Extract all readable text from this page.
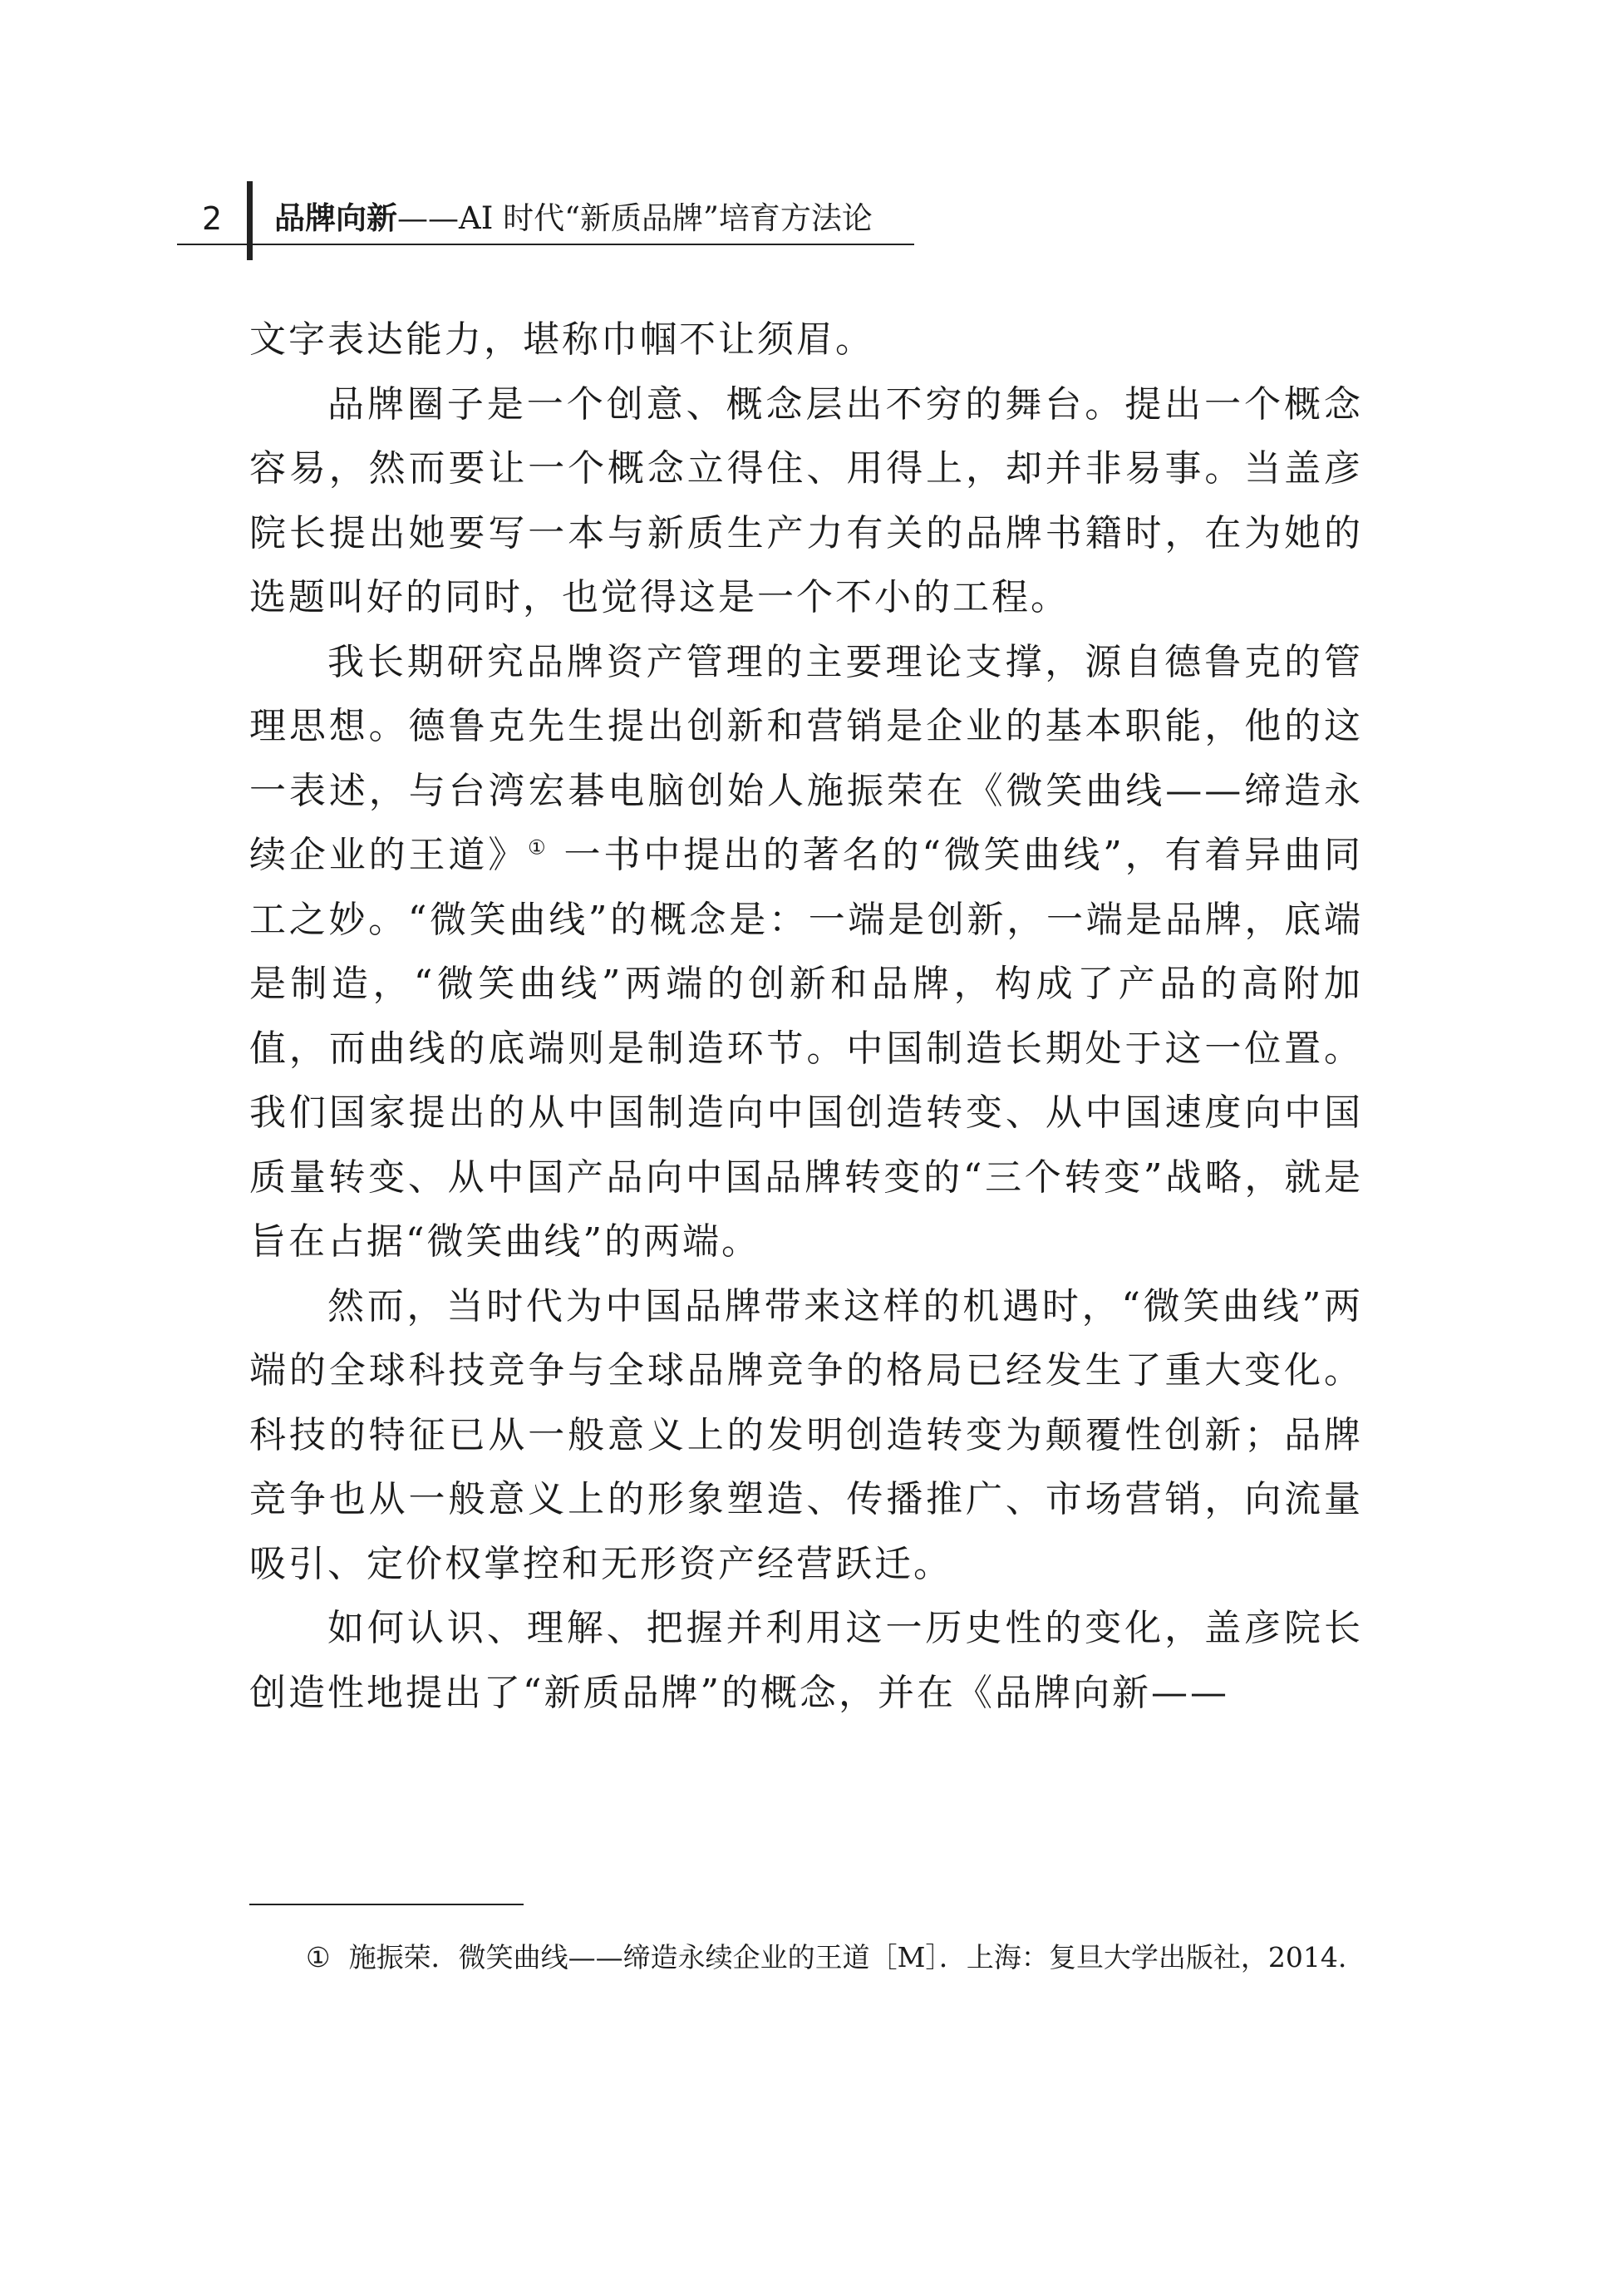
2 品牌向新——AI 时代“新质品牌”培育方法论

文字表达能力，堪称巾帼不让须眉。

品牌圈子是一个创意、概念层出不穷的舞台。提出一个概念容易，然而要让一个概念立得住、用得上，却并非易事。当盖彦院长提出她要写一本与新质生产力有关的品牌书籍时，在为她的选题叫好的同时，也觉得这是一个不小的工程。

我长期研究品牌资产管理的主要理论支撑，源自德鲁克的管理思想。德鲁克先生提出创新和营销是企业的基本职能，他的这一表述，与台湾宏碁电脑创始人施振荣在《微笑曲线——缔造永续企业的王道》① 一书中提出的著名的“微笑曲线”，有着异曲同工之妙。“微笑曲线”的概念是：一端是创新，一端是品牌，底端是制造，“微笑曲线”两端的创新和品牌，构成了产品的高附加值，而曲线的底端则是制造环节。中国制造长期处于这一位置。我们国家提出的从中国制造向中国创造转变、从中国速度向中国质量转变、从中国产品向中国品牌转变的“三个转变”战略，就是旨在占据“微笑曲线”的两端。

然而，当时代为中国品牌带来这样的机遇时，“微笑曲线”两端的全球科技竞争与全球品牌竞争的格局已经发生了重大变化。科技的特征已从一般意义上的发明创造转变为颠覆性创新；品牌竞争也从一般意义上的形象塑造、传播推广、市场营销，向流量吸引、定价权掌控和无形资产经营跃迁。

如何认识、理解、把握并利用这一历史性的变化，盖彦院长创造性地提出了“新质品牌”的概念，并在《品牌向新——

① 施振荣．微笑曲线——缔造永续企业的王道［M］．上海：复旦大学出版社，2014.
